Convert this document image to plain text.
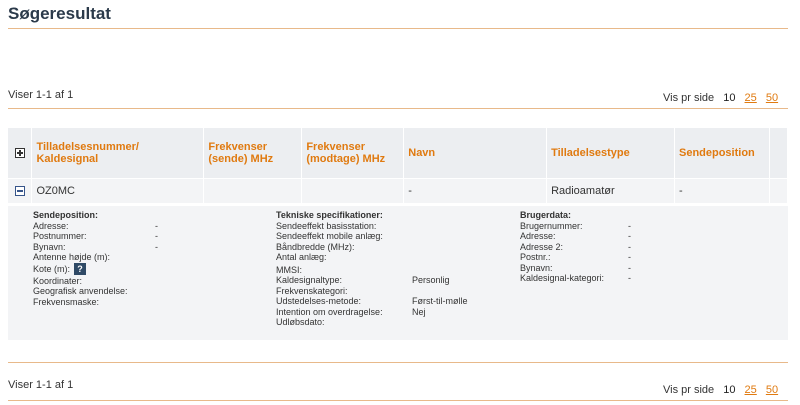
Søgeresultat
Viser 1-1 af 1	Vis pr side 10 25 50
	Tilladelsesnummer/ Kaldesignal	Frekvenser (sende) MHz	Frekvenser (modtage) MHz	Navn	Tilladelsestype	Sendeposition	
	OZ0MC			-	Radioamatør	-	
Sendeposition:
Adresse:	-
Postnummer:	-
Bynavn:	-
Antenne højde (m):
Kote (m): ?
Koordinater:
Geografisk anvendelse:
Frekvensmaske:
Tekniske specifikationer:
Sendeeffekt basisstation:
Sendeeffekt mobile anlæg:
Båndbredde (MHz):
Antal anlæg:
MMSI:
Kaldesignaltype:	Personlig
Frekvenskategori:
Udstedelses-metode:	Først-til-mølle
Intention om overdragelse:	Nej
Udløbsdato:
Brugerdata:
Brugernummer:	-
Adresse:	-
Adresse 2:	-
Postnr.:	-
Bynavn:	-
Kaldesignal-kategori:	-
Viser 1-1 af 1	Vis pr side 10 25 50
